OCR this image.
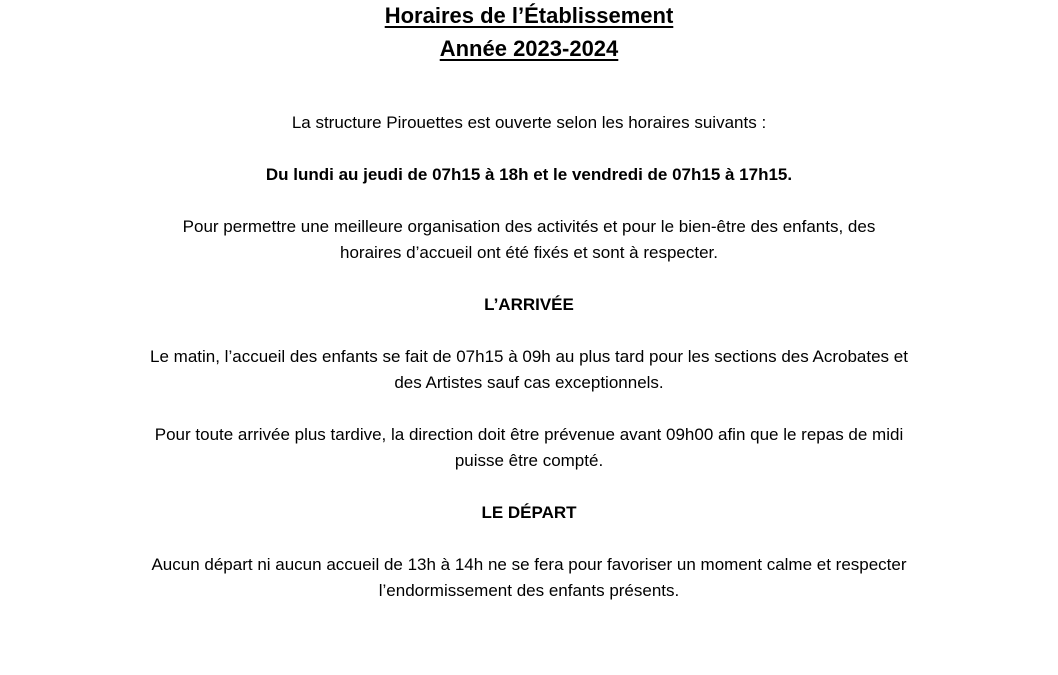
Horaires de l’Établissement
Année 2023-2024

La structure Pirouettes est ouverte selon les horaires suivants :

Du lundi au jeudi de 07h15 à 18h et le vendredi de 07h15 à 17h15.

Pour permettre une meilleure organisation des activités et pour le bien-être des enfants, des

horaires d’accueil ont été fixés et sont à respecter.

L’ARRIVÉE

Le matin, l’accueil des enfants se fait de 07h15 à 09h au plus tard pour les sections des Acrobates et

des Artistes sauf cas exceptionnels.

Pour toute arrivée plus tardive, la direction doit être prévenue avant 09h00 afin que le repas de midi

puisse être compté.

LE DÉPART

Aucun départ ni aucun accueil de 13h à 14h ne se fera pour favoriser un moment calme et respecter

l’endormissement des enfants présents.
